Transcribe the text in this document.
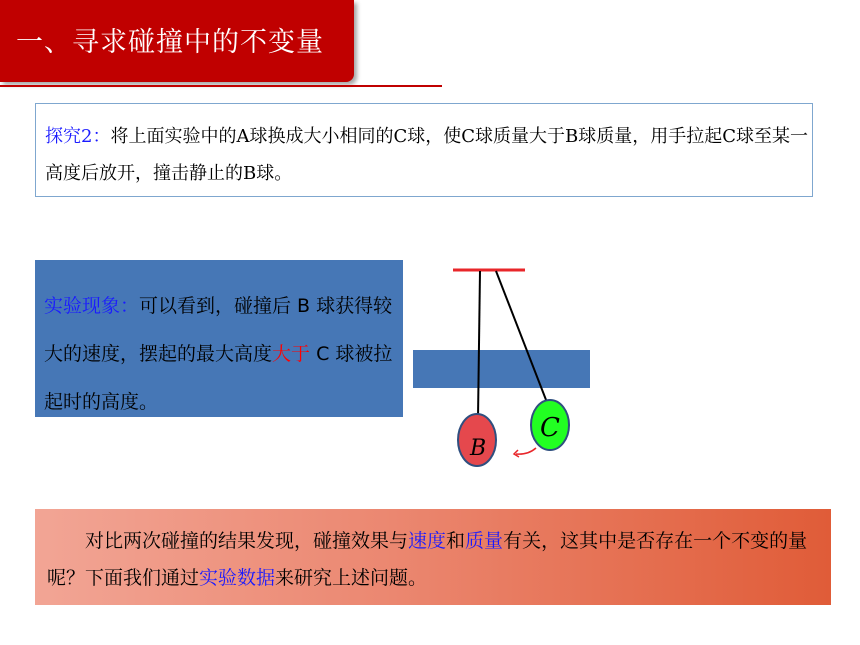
一、寻求碰撞中的不变量
探究2：将上面实验中的A球换成大小相同的C球，使C球质量大于B球质量，用手拉起C球至某一高度后放开，撞击静止的B球。
实验现象：可以看到，碰撞后 B 球获得较大的速度，摆起的最大高度大于 C 球被拉起时的高度。
B
C
对比两次碰撞的结果发现，碰撞效果与速度和质量有关，这其中是否存在一个不变的量呢？下面我们通过实验数据来研究上述问题。
